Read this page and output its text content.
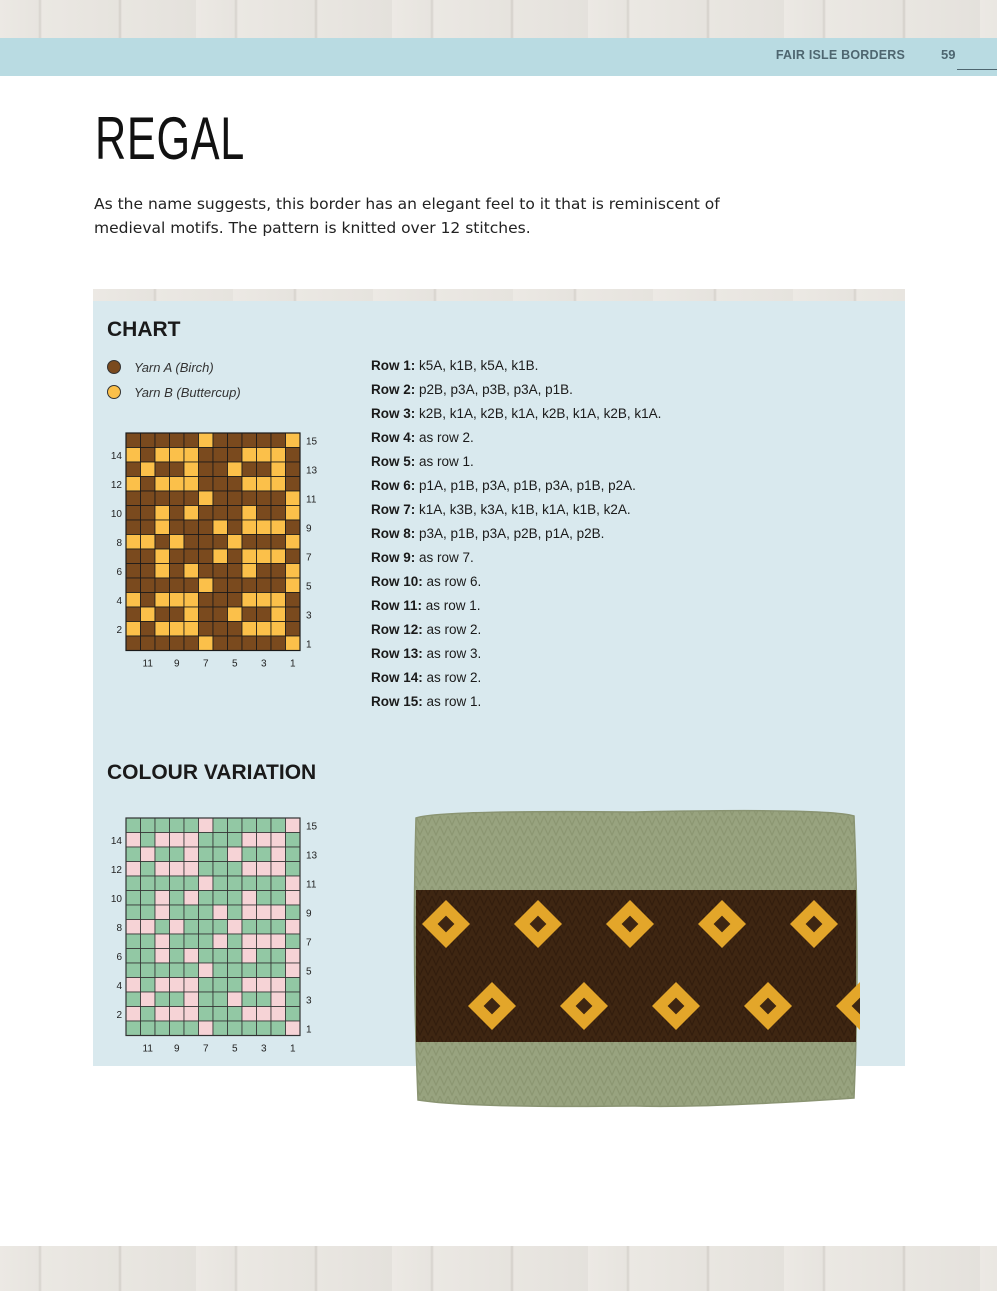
FAIR ISLE BORDERS	59
REGAL

As the name suggests, this border has an elegant feel to it that is reminiscent of medieval motifs. The pattern is knitted over 12 stitches.

CHART
Yarn A (Birch)
Yarn B (Buttercup)
15
13
11
9
7
5
3
1
14
12
10
8
6
4
2
11 9 7 5 3 1
Row 1: k5A, k1B, k5A, k1B.
Row 2: p2B, p3A, p3B, p3A, p1B.
Row 3: k2B, k1A, k2B, k1A, k2B, k1A, k2B, k1A.
Row 4: as row 2.
Row 5: as row 1.
Row 6: p1A, p1B, p3A, p1B, p3A, p1B, p2A.
Row 7: k1A, k3B, k3A, k1B, k1A, k1B, k2A.
Row 8: p3A, p1B, p3A, p2B, p1A, p2B.
Row 9: as row 7.
Row 10: as row 6.
Row 11: as row 1.
Row 12: as row 2.
Row 13: as row 3.
Row 14: as row 2.
Row 15: as row 1.
COLOUR VARIATION
15
13
11
9
7
5
3
1
14
12
10
8
6
4
2
11 9 7 5 3 1
